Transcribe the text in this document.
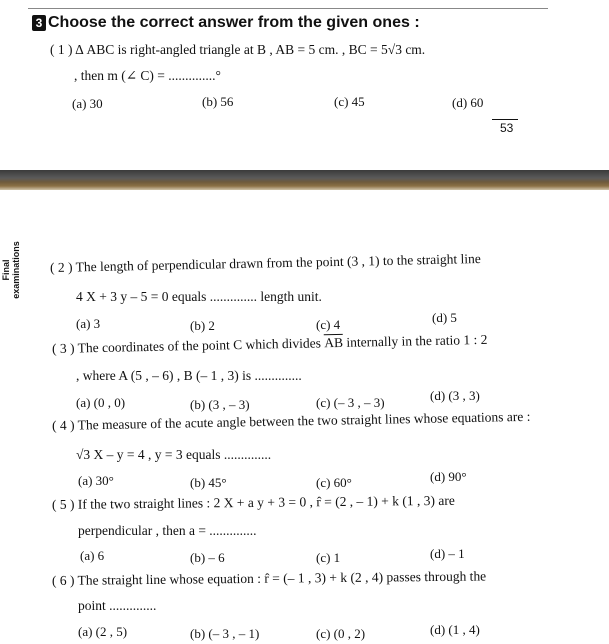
3 Choose the correct answer from the given ones :
( 1 ) Δ ABC is right-angled triangle at B , AB = 5 cm. , BC = 5√3 cm.
, then m (∠ C) = ..............°
(a) 30	(b) 56	(c) 45	(d) 60
53
Final examinations ( 2 ) The length of perpendicular drawn from the point (3 , 1) to the straight line
4 X + 3 y – 5 = 0 equals .............. length unit.
(a) 3	(b) 2	(c) 4	(d) 5
( 3 ) The coordinates of the point C which divides AB internally in the ratio 1 : 2
, where A (5 , – 6) , B (– 1 , 3) is ..............
(a) (0 , 0)	(b) (3 , – 3)	(c) (– 3 , – 3)	(d) (3 , 3)
( 4 ) The measure of the acute angle between the two straight lines whose equations are :
√3 X – y = 4 , y = 3 equals ..............
(a) 30°	(b) 45°	(c) 60°	(d) 90°
( 5 ) If the two straight lines : 2 X + a y + 3 = 0 , r̂ = (2 , – 1) + k (1 , 3) are
perpendicular , then a = ..............
(a) 6	(b) – 6	(c) 1	(d) – 1
( 6 ) The straight line whose equation : r̂ = (– 1 , 3) + k (2 , 4) passes through the
point ..............
(a) (2 , 5)	(b) (– 3 , – 1)	(c) (0 , 2)	(d) (1 , 4)
